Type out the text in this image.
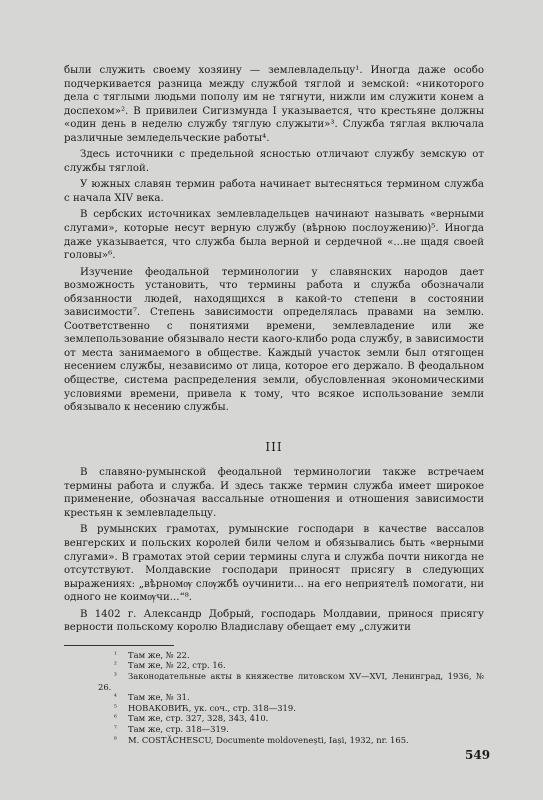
были служить своему хозяину — землевладельцу¹. Иногда даже особо подчеркивается разница между службой тяглой и земской: «никоторого дела с тяглыми людьми пополу им не тягнути, нижли им служити конем а доспехом»². В привилеи Сигизмунда I указывается, что крестьяне должны «один день в неделю службу тяглую служыти»³. Служба тяглая включала различные земледельческие работы⁴.

Здесь источники с предельной ясностью отличают службу земскую от службы тяглой.

У южных славян термин работа начинает вытесняться термином служба с начала XIV века.

В сербских источниках землевладельцев начинают называть «верными слугами», которые несут верную службу (вѣрною послоужению)⁵. Иногда даже указывается, что служба была верной и сердечной «...не щадя своей головы»⁶.

Изучение феодальной терминологии у славянских народов дает возможность установить, что термины работа и служба обозначали обязанности людей, находящихся в какой-то степени в состоянии зависимости⁷. Степень зависимости определялась правами на землю. Соответственно с понятиями времени, землевладение или же землепользование обязывало нести каого-клибо рода службу, в зависимости от места занимаемого в обществе. Каждый участок земли был отягощен несением службы, независимо от лица, которое его держало. В феодальном обществе, система распределения земли, обусловленная экономическими условиями времени, привела к тому, что всякое использование земли обязывало к несению службы.

III

В славяно-румынской феодальной терминологии также встречаем термины работа и служба. И здесь также термин служба имеет широкое применение, обозначая вассальные отношения и отношения зависимости крестьян к землевладельцу.

В румынских грамотах, румынские господари в качестве вассалов венгерских и польских королей били челом и обязывались быть «верными слугами». В грамотах этой серии термины слуга и служба почти никогда не отсутствуют. Молдавские господари приносят присягу в следующих выражениях: „вѣрномѹ слѹжбѣ оучинити... на его неприятелѣ помогати, ни одного не коимѹчи...“⁸.

В 1402 г. Александр Добрый, господарь Молдавии, принося присягу верности польскому королю Владиславу обещает ему „служити

¹ Там же, № 22.

² Там же, № 22, стр. 16.

³ Законодательные акты в княжестве литовском XV—XVI, Ленинград, 1936, № 26.

⁴ Там же, № 31.

⁵ НОВАКОВИЋ, ук. соч., стр. 318—319.

⁶ Там же, стр. 327, 328, 343, 410.

⁷ Там же, стр. 318—319.

⁸ M. COSTĂCHESCU, Documente moldovenești, Iași, 1932, nr. 165.

549
